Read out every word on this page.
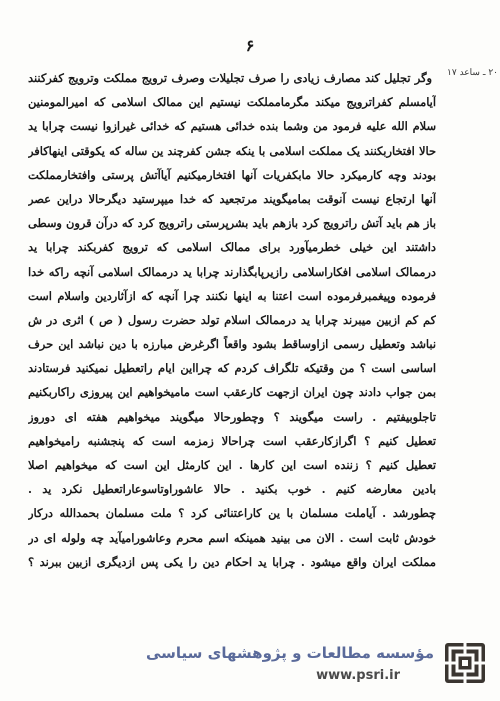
۶
۲۰ ـ ساعد ۱۷
وگر تجلیل کند مصارف زیادی را صرف تجلیلات وصرف ترویج مملکت وترویج کفرکنند
آیامسلم کفراترویج میکند مگرمامملکت نیستیم این ممالک اسلامی که امیرالمومنین
سلام الله علیه فرمود من وشما بنده خدائی هستیم که خدائی غیرازوا نیست چرابا ید
حالا افتخاربکنند یک مملکت اسلامی با ینکه جشن کفرچند ین ساله که یکوقتی اینهاکافر
بودند وچه کارمیکرد حالا مابکفریات آنها افتخارمیکنیم آیاآتش پرستی وافتخارمملکت
آنها ارتجاع نیست آنوقت بماميگويند مرتجعید که خدا میپرستید دیگرحالا دراین عصر
باز هم باید آتش راترویج کرد بازهم باید بشرپرستی راترویج کرد که درآن قرون وسطی
داشتند این خیلی خطرمیآورد برای ممالک اسلامی که ترویج کفربکند چرابا ید
درممالک اسلامی افکاراسلامی رازیرپابگذارند چرابا ید درممالک اسلامی آنچه راکه خدا
فرموده وپیغمبرفرموده است اعتنا به اینها نکنند چرا آنچه که ازآثاردین واسلام است
کم کم ازبین میبرند چرابا ید درممالک اسلام تولد حضرت رسول ( ص ) اثری در ش
نباشد وتعطیل رسمی ازاوساقط بشود واقعاً اگرغرض مبارزه با دین نباشد این حرف
اساسی است ؟ من وقتیکه تلگراف کردم که چرااین ایام راتعطیل نمیکنید فرستادند
بمن جواب دادند چون ایران ازجهت کارعقب است مامیخواهیم این پیروزی راکاربکنیم
تاجلوبیفتیم . راست میگویند ؟ وچطورحالا میگویند میخواهیم هفته ای دوروز
تعطیل کنیم ؟ اگرازکارعقب است چراحالا زمزمه است که پنجشنبه رامیخواهیم
تعطیل کنیم ؟ زننده است این کارها . این کارمثل این است که میخواهیم اصلا
بادین معارضه کنیم . خوب بکنید . حالا عاشوراوتاسوعاراتعطیل نکرد ید .
چطورشد . آیاملت مسلمان با ین کاراعتنائی کرد ؟ ملت مسلمان بحمدالله درکار
خودش ثابت است . الان می بینید همینکه اسم محرم وعاشورامیآید چه ولوله ای در
مملکت ایران واقع میشود . چرابا ید احکام دین را یکی پس ازدیگری ازبین ببرند ؟
مؤسسه مطالعات و پژوهشهای سیاسی
www.psri.ir
